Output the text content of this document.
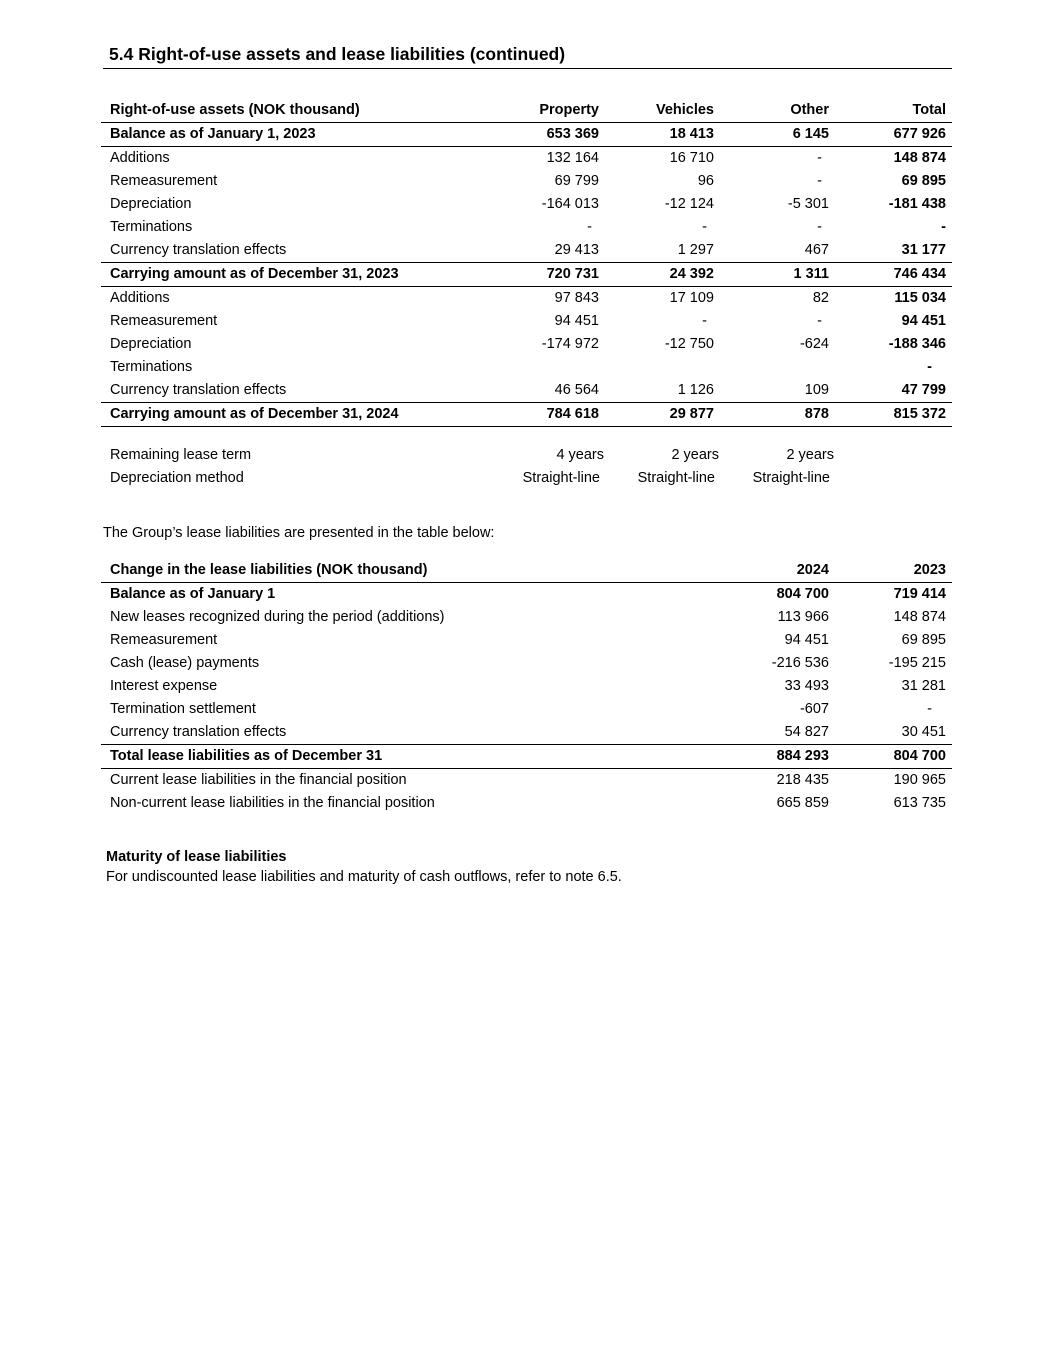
5.4 Right-of-use assets and lease liabilities (continued)
Right-of-use assets (NOK thousand)	Property	Vehicles	Other	Total
Balance as of January 1, 2023	653 369	18 413	6 145	677 926
Additions	132 164	16 710	-	148 874
Remeasurement	69 799	96	-	69 895
Depreciation	-164 013	-12 124	-5 301	-181 438
Terminations	-	-	-	-
Currency translation effects	29 413	1 297	467	31 177
Carrying amount as of December 31, 2023	720 731	24 392	1 311	746 434
Additions	97 843	17 109	82	115 034
Remeasurement	94 451	-	-	94 451
Depreciation	-174 972	-12 750	-624	-188 346
Terminations				-
Currency translation effects	46 564	1 126	109	47 799
Carrying amount as of December 31, 2024	784 618	29 877	878	815 372
Remaining lease term	4 years	2 years	2 years	
Depreciation method	Straight-line	Straight-line	Straight-line	
The Group’s lease liabilities are presented in the table below:
Change in the lease liabilities (NOK thousand)	2024	2023
Balance as of January 1	804 700	719 414
New leases recognized during the period (additions)	113 966	148 874
Remeasurement	94 451	69 895
Cash (lease) payments	-216 536	-195 215
Interest expense	33 493	31 281
Termination settlement	-607	-
Currency translation effects	54 827	30 451
Total lease liabilities as of December 31	884 293	804 700
Current lease liabilities in the financial position	218 435	190 965
Non-current lease liabilities in the financial position	665 859	613 735
Maturity of lease liabilities
For undiscounted lease liabilities and maturity of cash outflows, refer to note 6.5.
